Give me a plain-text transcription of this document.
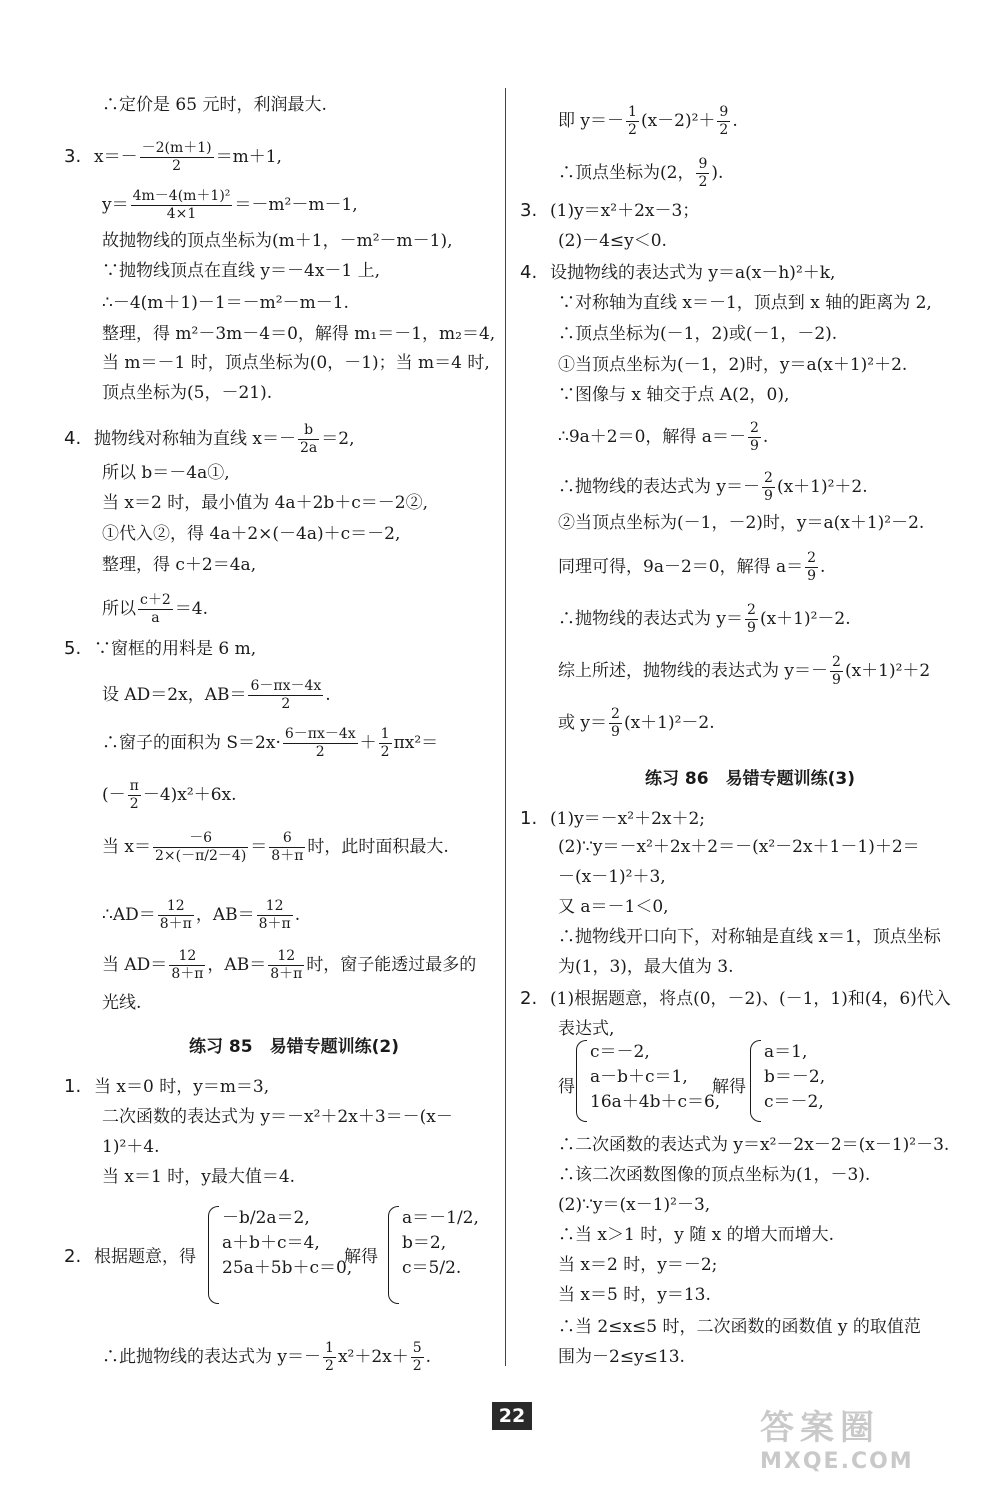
∴定价是 65 元时，利润最大.
3. $x=- \frac{-2(m+1)}{2} =m+1$,
$y= \frac{\text{4m－4(m＋1)²}}{4\times 1} =-m^2-m-1$,
故抛物线的顶点坐标为(m＋1，－m²－m－1),
∵抛物线顶点在直线 y＝－4x－1 上,
∴－4(m＋1)－1＝－m²－m－1.
整理，得 m²－3m－4＝0，解得 m₁＝－1，m₂＝4,
当 m＝－1 时，顶点坐标为(0，－1)；当 m＝4 时,
顶点坐标为(5，－21).
4. 抛物线对称轴为直线 $x=- \frac{b}{2a} =2$,
所以 b＝－4a①,
当 x＝2 时，最小值为 4a＋2b＋c＝－2②,
①代入②，得 4a＋2×(－4a)＋c＝－2,
整理，得 c＋2＝4a,
所以 $\frac{c+2}{a} =4$.
5. ∵窗框的用料是 6 m,
设 AD＝2x，$AB= \frac{6-\pi x-4x}{2}$ .
∴窗子的面积为 $S=2x\cdot \frac{6-\pi x-4x}{2} + \frac{1}{2} \pi x^2=$
(－ $\frac{\pi}{2} -4)x^2+6x$.
当 $x= \frac{-6}{2\times(-\pi/2-4)} = \frac{6}{8+\pi}$ 时，此时面积最大.
∴AD＝ $\frac{12}{8+\pi}$ ，$AB= \frac{12}{8+\pi}$ .
当 $AD= \frac{12}{8+\pi}$ ，$AB= \frac{12}{8+\pi}$ 时，窗子能透过最多的
光线.
练习 85　易错专题训练(2)
1. 当 x＝0 时，y＝m＝3,
二次函数的表达式为 y＝－x²＋2x＋3＝－(x－
1)²＋4.
当 x＝1 时，y最大值＝4.
2. 根据题意，得
－b/2a＝2,
a＋b＋c＝4,
25a＋5b＋c＝0,
解得
a＝－1/2,
b＝2,
c＝5/2.
∴此抛物线的表达式为 $y=- \frac{1}{2} x^2+2x+ \frac{5}{2}$ .
即 $y=- \frac{1}{2} (x-2)^2+ \frac{9}{2}$ .
∴顶点坐标为(2， $\frac{9}{2}$ ).
3. (1)y＝x²＋2x－3；
(2)－4≤y＜0.
4. 设抛物线的表达式为 y＝a(x－h)²＋k,
∵对称轴为直线 x＝－1，顶点到 x 轴的距离为 2,
∴顶点坐标为(－1，2)或(－1，－2).
①当顶点坐标为(－1，2)时，y＝a(x＋1)²＋2.
∵图像与 x 轴交于点 A(2，0),
∴9a＋2＝0，解得 $a=- \frac{2}{9}$ .
∴抛物线的表达式为 $y=- \frac{2}{9} (x+1)^2+2$.
②当顶点坐标为(－1，－2)时，y＝a(x＋1)²－2.
同理可得，9a－2＝0，解得 $a= \frac{2}{9}$ .
∴抛物线的表达式为 $y= \frac{2}{9} (x+1)^2-2$.
综上所述，抛物线的表达式为 $y=- \frac{2}{9} (x+1)^2+2$
或 $y= \frac{2}{9} (x+1)^2-2$.
练习 86　易错专题训练(3)
1. (1)y＝－x²＋2x＋2;
(2)∵y＝－x²＋2x＋2＝－(x²－2x＋1－1)＋2＝
－(x－1)²＋3,
又 a＝－1＜0,
∴抛物线开口向下，对称轴是直线 x＝1，顶点坐标
为(1，3)，最大值为 3.
2. (1)根据题意，将点(0，－2)、(－1，1)和(4，6)代入
表达式,
得
c＝－2,
a－b＋c＝1,
16a＋4b＋c＝6,
解得
a＝1,
b＝－2,
c＝－2,
∴二次函数的表达式为 y＝x²－2x－2＝(x－1)²－3.
∴该二次函数图像的顶点坐标为(1，－3).
(2)∵y＝(x－1)²－3,
∴当 x＞1 时，y 随 x 的增大而增大.
当 x＝2 时，y＝－2;
当 x＝5 时，y＝13.
∴当 2≤x≤5 时，二次函数的函数值 y 的取值范
围为－2≤y≤13.
22	答案圈
MXQE.COM
